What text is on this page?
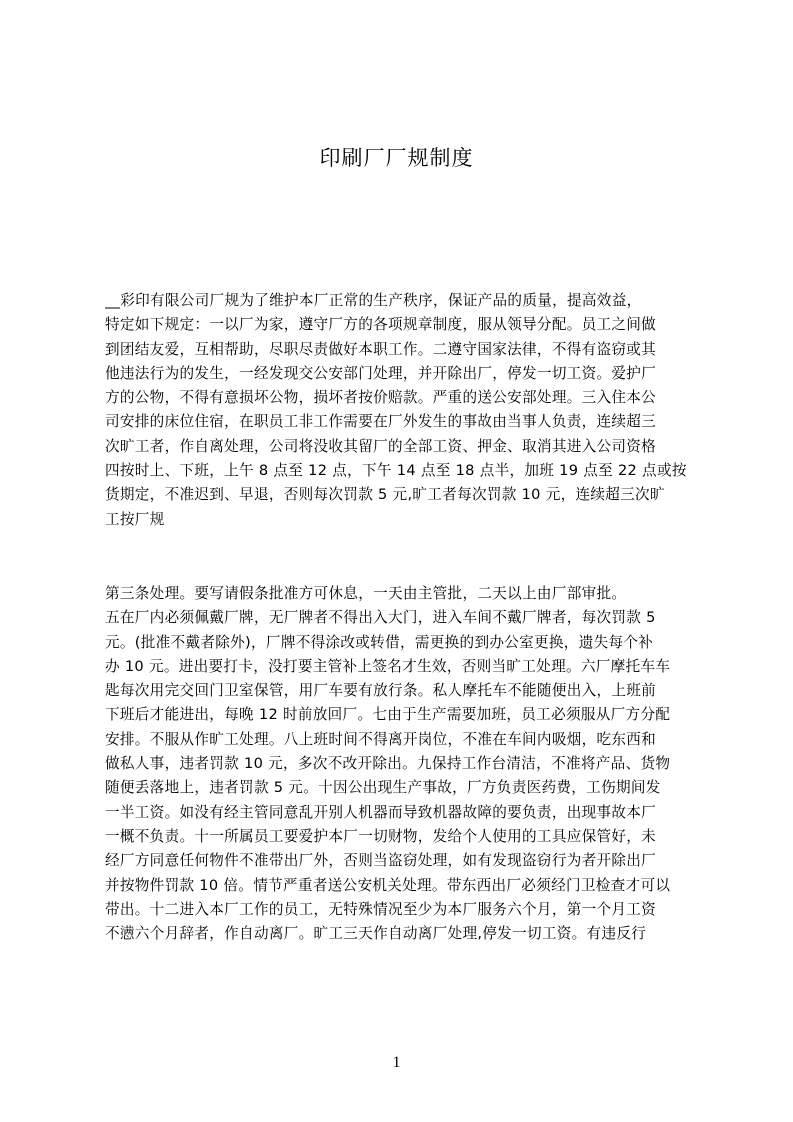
印刷厂厂规制度
__彩印有限公司厂规为了维护本厂正常的生产秩序，保证产品的质量，提高效益，
特定如下规定：一以厂为家，遵守厂方的各项规章制度，服从领导分配。员工之间做
到团结友爱，互相帮助，尽职尽责做好本职工作。二遵守国家法律，不得有盗窃或其
他违法行为的发生，一经发现交公安部门处理，并开除出厂，停发一切工资。爱护厂
方的公物，不得有意损坏公物，损坏者按价赔款。严重的送公安部处理。三入住本公
司安排的床位住宿，在职员工非工作需要在厂外发生的事故由当事人负责，连续超三
次旷工者，作自离处理，公司将没收其留厂的全部工资、押金、取消其进入公司资格
四按时上、下班，上午 8 点至 12 点，下午 14 点至 18 点半，加班 19 点至 22 点或按
货期定，不准迟到、早退，否则每次罚款 5 元,旷工者每次罚款 10 元，连续超三次旷
工按厂规
第三条处理。要写请假条批准方可休息，一天由主管批，二天以上由厂部审批。
五在厂内必须佩戴厂牌，无厂牌者不得出入大门，进入车间不戴厂牌者，每次罚款 5
元。(批准不戴者除外)，厂牌不得涂改或转借，需更换的到办公室更换，遗失每个补
办 10 元。进出要打卡，没打要主管补上签名才生效，否则当旷工处理。六厂摩托车车
匙每次用完交回门卫室保管，用厂车要有放行条。私人摩托车不能随便出入，上班前
下班后才能进出，每晚 12 时前放回厂。七由于生产需要加班，员工必须服从厂方分配
安排。不服从作旷工处理。八上班时间不得离开岗位，不准在车间内吸烟，吃东西和
做私人事，违者罚款 10 元，多次不改开除出。九保持工作台清洁，不准将产品、货物
随便丢落地上，违者罚款 5 元。十因公出现生产事故，厂方负责医药费，工伤期间发
一半工资。如没有经主管同意乱开别人机器而导致机器故障的要负责，出现事故本厂
一概不负责。十一所属员工要爱护本厂一切财物，发给个人使用的工具应保管好，未
经厂方同意任何物件不准带出厂外，否则当盗窃处理，如有发现盗窃行为者开除出厂
并按物件罚款 10 倍。情节严重者送公安机关处理。带东西出厂必须经门卫检查才可以
带出。十二进入本厂工作的员工，无特殊情况至少为本厂服务六个月，第一个月工资
不懑六个月辞者，作自动离厂。旷工三天作自动离厂处理,停发一切工资。有违反行
1
